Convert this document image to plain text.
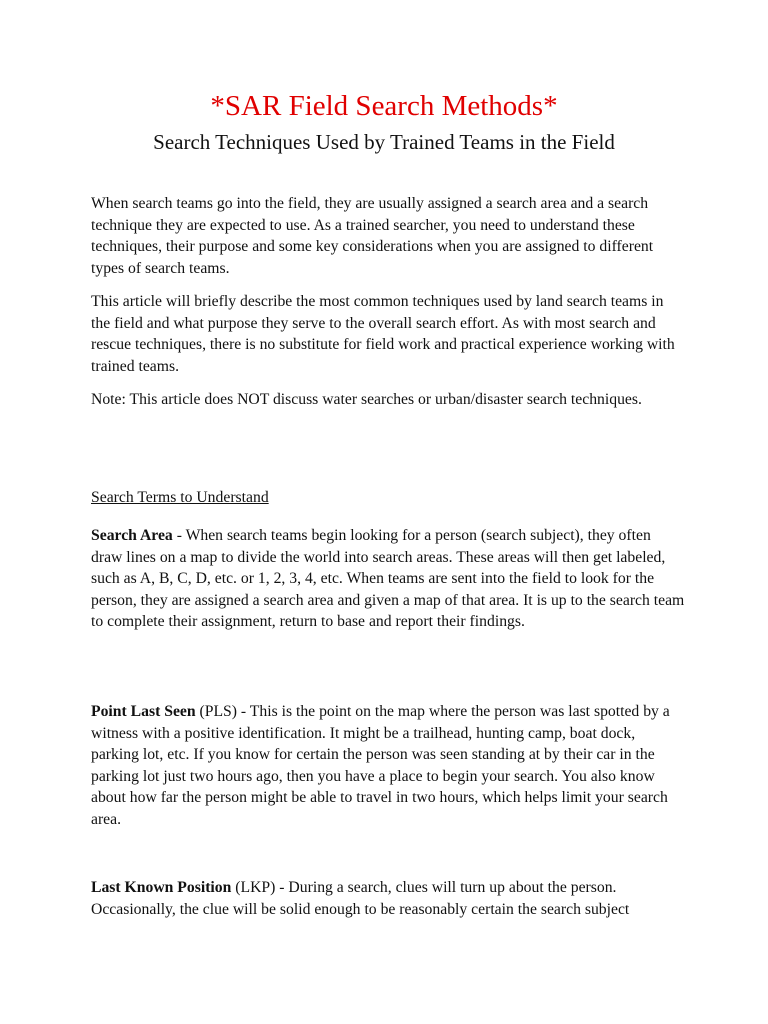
*SAR Field Search Methods*
Search Techniques Used by Trained Teams in the Field

When search teams go into the field, they are usually assigned a search area and a search technique they are expected to use. As a trained searcher, you need to understand these techniques, their purpose and some key considerations when you are assigned to different types of search teams.

This article will briefly describe the most common techniques used by land search teams in the field and what purpose they serve to the overall search effort. As with most search and rescue techniques, there is no substitute for field work and practical experience working with trained teams.

Note: This article does NOT discuss water searches or urban/disaster search techniques.

Search Terms to Understand

Search Area - When search teams begin looking for a person (search subject), they often draw lines on a map to divide the world into search areas. These areas will then get labeled, such as A, B, C, D, etc. or 1, 2, 3, 4, etc. When teams are sent into the field to look for the person, they are assigned a search area and given a map of that area. It is up to the search team to complete their assignment, return to base and report their findings.

Point Last Seen (PLS) - This is the point on the map where the person was last spotted by a witness with a positive identification. It might be a trailhead, hunting camp, boat dock, parking lot, etc. If you know for certain the person was seen standing at by their car in the parking lot just two hours ago, then you have a place to begin your search. You also know about how far the person might be able to travel in two hours, which helps limit your search area.

Last Known Position (LKP) - During a search, clues will turn up about the person. Occasionally, the clue will be solid enough to be reasonably certain the search subject
